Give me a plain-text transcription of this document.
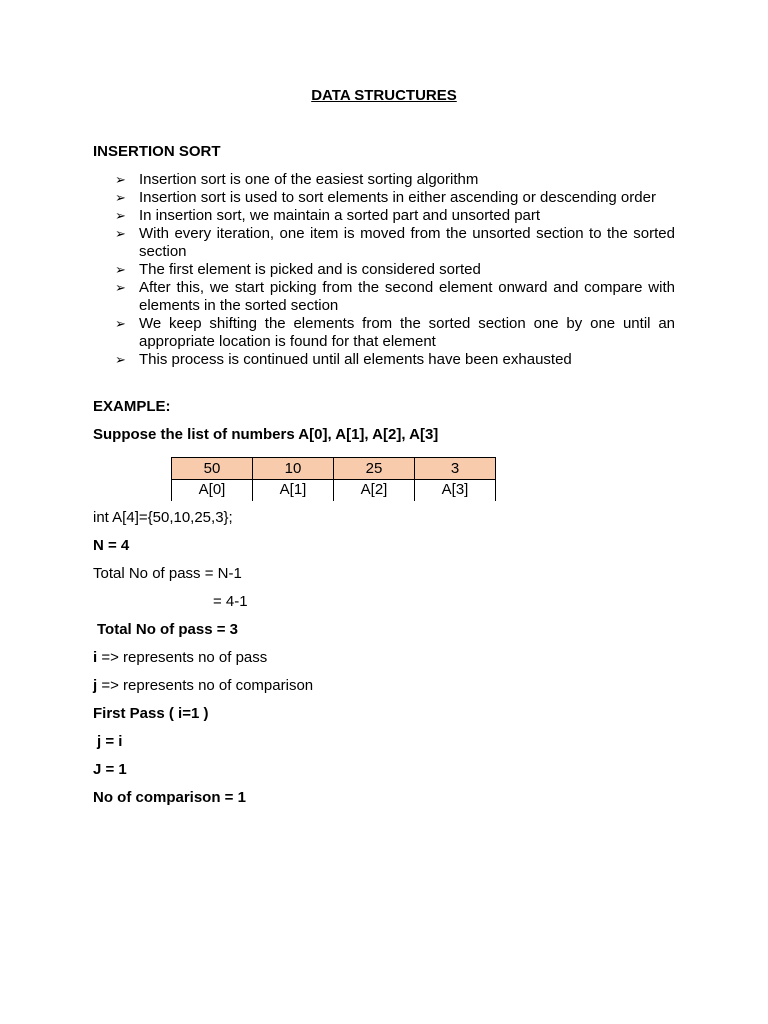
DATA STRUCTURES
INSERTION SORT
➢ Insertion sort is one of the easiest sorting algorithm
➢ Insertion sort is used to sort elements in either ascending or descending order
➢ In insertion sort, we maintain a sorted part and unsorted part
➢ With every iteration, one item is moved from the unsorted section to the sorted section
➢ The first element is picked and is considered sorted
➢ After this, we start picking from the second element onward and compare with elements in the sorted section
➢ We keep shifting the elements from the sorted section one by one until an appropriate location is found for that element
➢ This process is continued until all elements have been exhausted
EXAMPLE:
Suppose the list of numbers A[0], A[1], A[2], A[3]
50	10	25	3
A[0]	A[1]	A[2]	A[3]
int A[4]={50,10,25,3};
N = 4
Total No of pass = N-1
= 4-1
Total No of pass = 3
i => represents no of pass
j => represents no of comparison
First Pass ( i=1 )
j = i
J = 1
No of comparison = 1
